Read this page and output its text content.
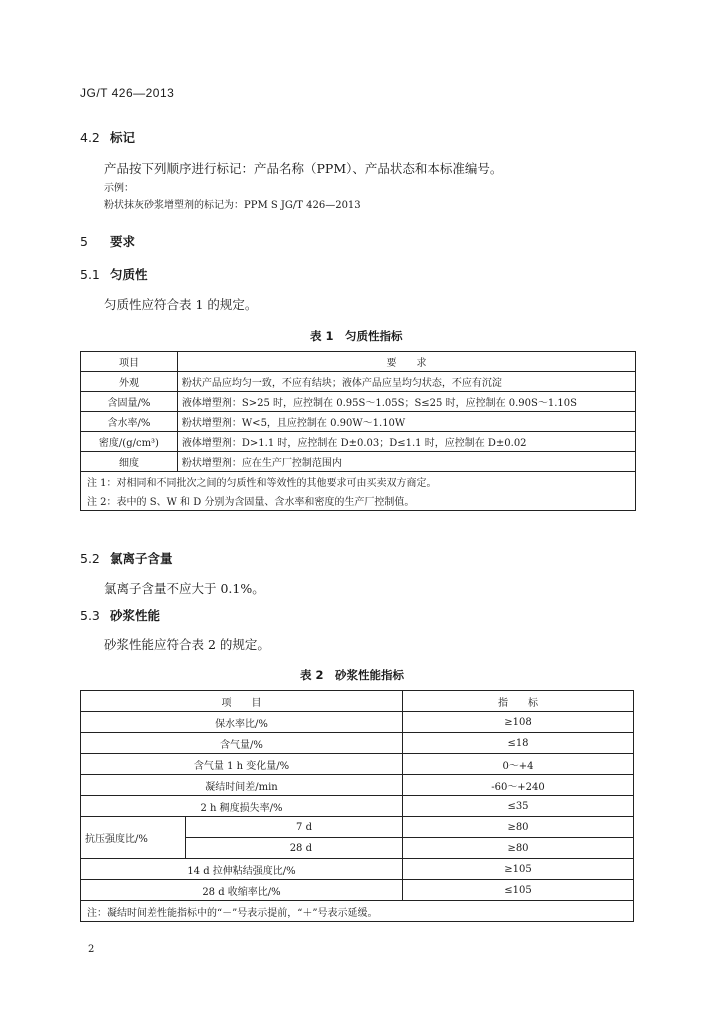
JG/T 426—2013
4.2 标记
产品按下列顺序进行标记：产品名称（PPM）、产品状态和本标准编号。
示例：
粉状抹灰砂浆增塑剂的标记为：PPM S JG/T 426—2013
5 要求
5.1 匀质性
匀质性应符合表 1 的规定。
表 1　匀质性指标
项目	要　　求
外观	粉状产品应均匀一致，不应有结块；液体产品应呈均匀状态，不应有沉淀
含固量/%	液体增塑剂：S>25 时，应控制在 0.95S～1.05S；S≤25 时，应控制在 0.90S～1.10S
含水率/%	粉状增塑剂：W<5，且应控制在 0.90W～1.10W
密度/(g/cm³)	液体增塑剂：D>1.1 时，应控制在 D±0.03；D≤1.1 时，应控制在 D±0.02
细度	粉状增塑剂：应在生产厂控制范围内
注 1：对相同和不同批次之间的匀质性和等效性的其他要求可由买卖双方商定。	
注 2：表中的 S、W 和 D 分别为含固量、含水率和密度的生产厂控制值。	
5.2 氯离子含量
氯离子含量不应大于 0.1%。
5.3 砂浆性能
砂浆性能应符合表 2 的规定。
表 2　砂浆性能指标
项　　目		指　　标
保水率比/%		≥108
含气量/%		≤18
含气量 1 h 变化量/%		0～+4
凝结时间差/min		-60～+240
2 h 稠度损失率/%		≤35
抗压强度比/%	7 d	≥80
	28 d	≥80
14 d 拉伸粘结强度比/%		≥105
28 d 收缩率比/%		≤105
注：凝结时间差性能指标中的“－”号表示提前，“＋”号表示延缓。		
2
